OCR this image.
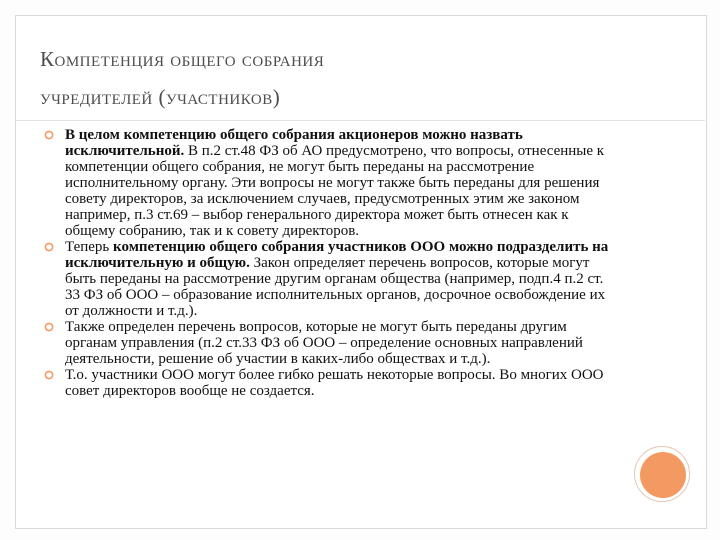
Компетенция общего собрания
учредителей (участников)
В целом компетенцию общего собрания акционеров можно назвать исключительной. В п.2 ст.48 ФЗ об АО предусмотрено, что вопросы, отнесенные к компетенции общего собрания, не могут быть переданы на рассмотрение исполнительному органу. Эти вопросы не могут также быть переданы для решения совету директоров, за исключением случаев, предусмотренных этим же законом например, п.3 ст.69 – выбор генерального директора может быть отнесен как к общему собранию, так и к совету директоров.
Теперь компетенцию общего собрания участников ООО можно подразделить на исключительную и общую. Закон определяет перечень вопросов, которые могут быть переданы на рассмотрение другим органам общества (например, подп.4 п.2 ст. 33 ФЗ об ООО – образование исполнительных органов, досрочное освобождение их от должности и т.д.).
Также определен перечень вопросов, которые не могут быть переданы другим органам управления (п.2 ст.33 ФЗ об ООО – определение основных направлений деятельности, решение об участии в каких-либо обществах и т.д.).
Т.о. участники ООО могут более гибко решать некоторые вопросы. Во многих ООО совет директоров вообще не создается.
